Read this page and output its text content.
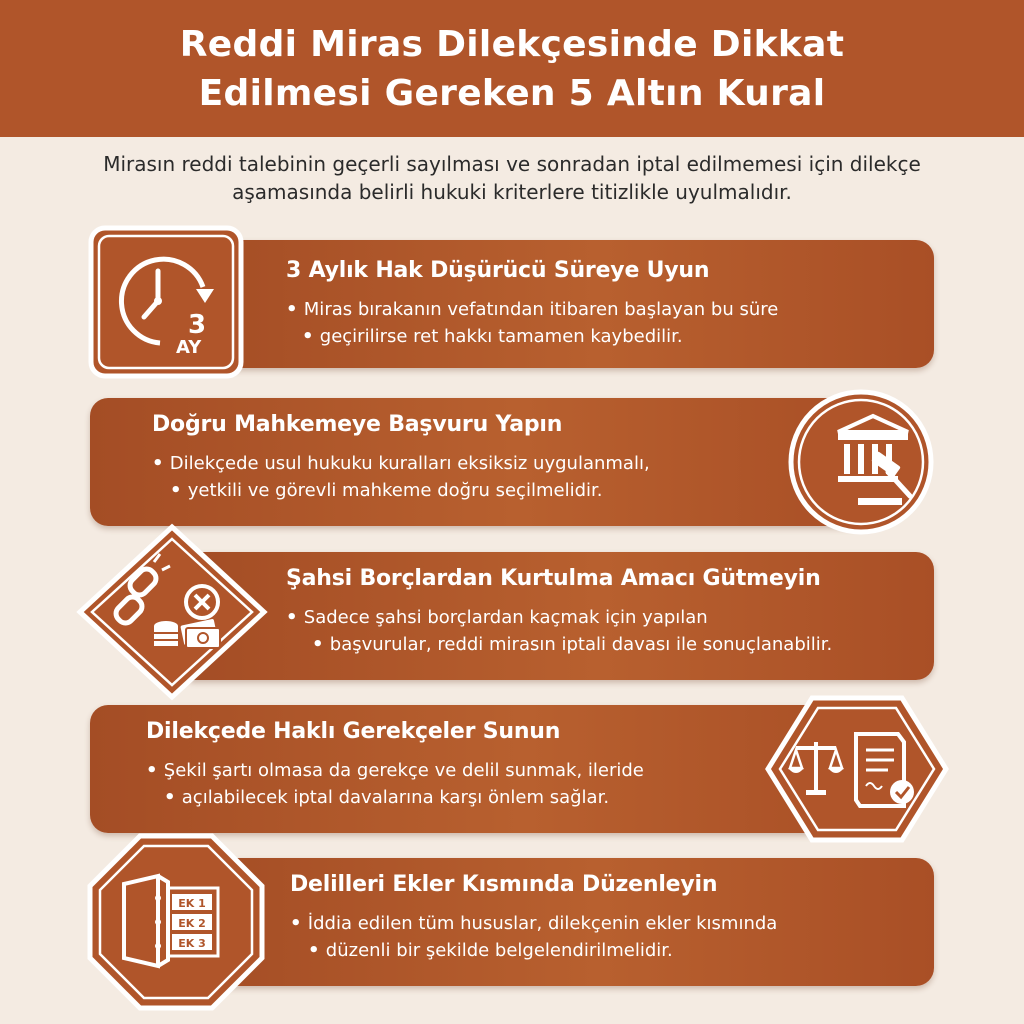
Reddi Miras Dilekçesinde Dikkat Edilmesi Gereken 5 Altın Kural
Mirasın reddi talebinin geçerli sayılması ve sonradan iptal edilmemesi için dilekçe aşamasında belirli hukuki kriterlere titizlikle uyulmalıdır.
3 Aylık Hak Düşürücü Süreye Uyun

• Miras bırakanın vefatından itibaren başlayan bu süre

• geçirilirse ret hakkı tamamen kaybedilir.

3
AY
Doğru Mahkemeye Başvuru Yapın

• Dilekçede usul hukuku kuralları eksiksiz uygulanmalı,

• yetkili ve görevli mahkeme doğru seçilmelidir.

Şahsi Borçlardan Kurtulma Amacı Gütmeyin

• Sadece şahsi borçlardan kaçmak için yapılan

• başvurular, reddi mirasın iptali davası ile sonuçlanabilir.

Dilekçede Haklı Gerekçeler Sunun

• Şekil şartı olmasa da gerekçe ve delil sunmak, ileride

• açılabilecek iptal davalarına karşı önlem sağlar.

Delilleri Ekler Kısmında Düzenleyin

• İddia edilen tüm hususlar, dilekçenin ekler kısmında

• düzenli bir şekilde belgelendirilmelidir.

EK 1
EK 2
EK 3
